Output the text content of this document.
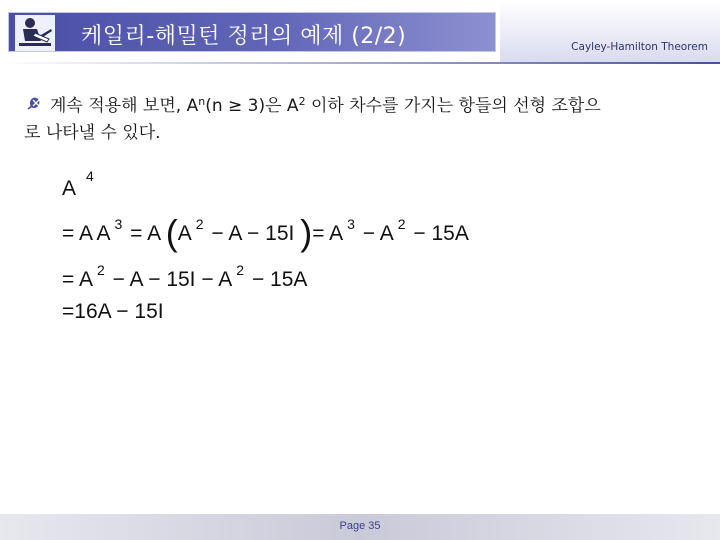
케일리-해밀턴 정리의 예제 (2/2)	Cayley-Hamilton Theorem
계속 적용해 보면, $A^n(n \ge 3)$은 $A^2$ 이하 차수를 가지는 항들의 선형 조합으
로 나타낼 수 있다.
$A^4$
= A A $^3$ = A (A $^2$ − A − 15I )= A $^3$ − A $^2$ − 15A
= A $^2$ − A − 15I − A $^2$ − 15A
=16A − 15I
Page 35
